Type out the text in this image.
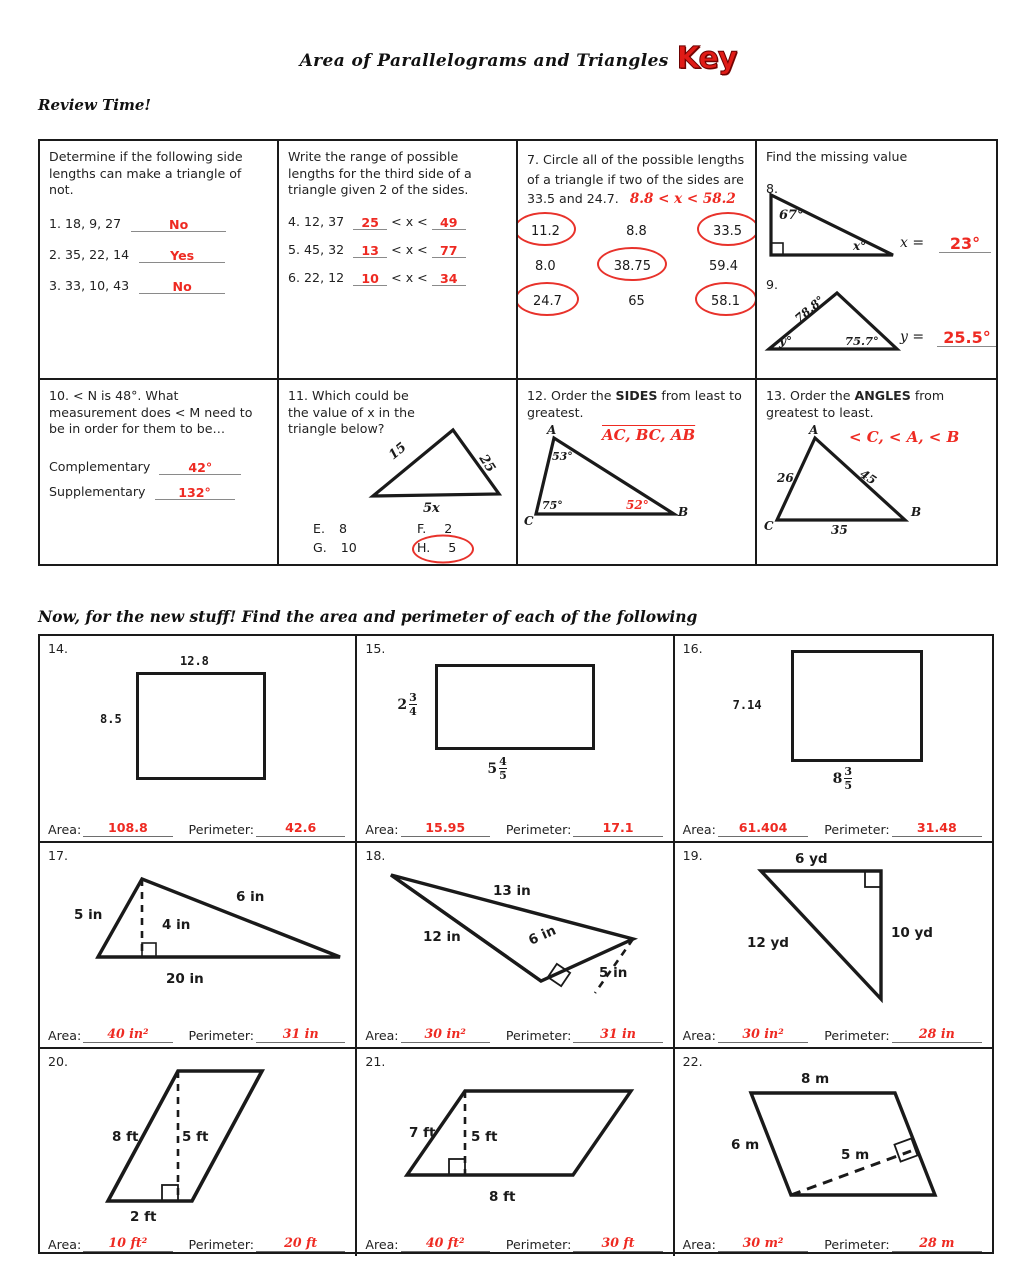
Area of Parallelograms and Triangles Key
Review Time!
Determine if the following side lengths can make a triangle of not.
1. 18, 9, 27	No
2. 35, 22, 14	Yes
3. 33, 10, 43	No
Write the range of possible lengths for the third side of a triangle given 2 of the sides.
4. 12, 37 25 < x < 49
5. 45, 32 13 < x < 77
6. 22, 12 10 < x < 34
7. Circle all of the possible lengths of a triangle if two of the sides are 33.5 and 24.7. 8.8 < x < 58.2
11.2	8.8	33.5
8.0	38.75	59.4
24.7	65	58.1
Find the missing value
8.
67°
x° x =	23°
9.
78.8°
75.7°
y°	y =	25.5°
10. < N is 48°. What measurement does < M need to be in order for them to be…
Complementary	42°
Supplementary	132°
11. Which could be the value of x in the triangle below?
15
25
5x
E. 8
G. 10
F. 2
H. 5
12. Order the SIDES from least to greatest.
AC, BC, AB
A
B
C
53°
75°	52°
13. Order the ANGLES from greatest to least.
< C, < A, < B
A
B
C
26	45
35
Now, for the new stuff! Find the area and perimeter of each of the following
14.
12.8
8.5
Area:	108.8	Perimeter:	42.6
15.
$2 \frac{3}{4}$
$5 \frac{4}{5}$
Area:	15.95	Perimeter:	17.1
16.
7.14
$8 \frac{3}{5}$
Area:	61.404	Perimeter:	31.48
17.
5 in
6 in
4 in
20 in
Area:	40 in²	Perimeter:	31 in
18.
13 in
12 in	6 in
5 in
Area:	30 in²	Perimeter:	31 in
19.	6 yd
10 yd
12 yd
Area:	30 in²	Perimeter:	28 in
20.
8 ft	5 ft
2 ft
Area:	10 ft²	Perimeter:	20 ft
21.
7 ft	5 ft
8 ft
Area:	40 ft²	Perimeter:	30 ft
22.
8 m
6 m
5 m
Area:	30 m²	Perimeter:	28 m
